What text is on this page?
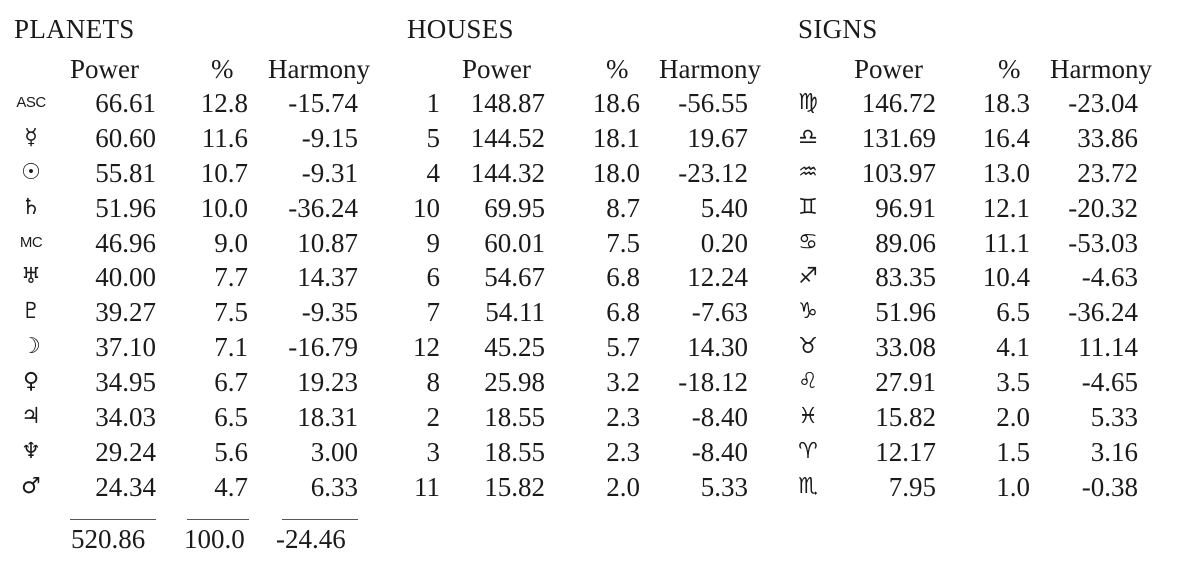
PLANETS	HOUSES	SIGNS
Power	% Harmony	Power	% Harmony	Power	% Harmony
ASC 66.61 12.8 -15.74	1 148.87 18.6 -56.55 ♍ 146.72 18.3 -23.04
☿	60.60 11.6 -9.15	5 144.52 18.1 19.67 ♎ 131.69 16.4 33.86
☉ 55.81 10.7 -9.31	4 144.32 18.0 -23.12 ♒ 103.97 13.0 23.72
♄ 51.96 10.0 -36.24 10 69.95 8.7 5.40 ♊ 96.91 12.1 -20.32
MC 46.96 9.0 10.87	9 60.01 7.5 0.20 ♋ 89.06 11.1 -53.03
♅ 40.00 7.7 14.37	6 54.67 6.8 12.24 ♐ 83.35 10.4 -4.63
♇ 39.27 7.5 -9.35	7 54.11 6.8 -7.63 ♑ 51.96 6.5 -36.24
☽ 37.10 7.1 -16.79 12 45.25 5.7 14.30 ♉ 33.08 4.1 11.14
♀ 34.95 6.7 19.23	8 25.98 3.2 -18.12 ♌ 27.91 3.5 -4.65
♃ 34.03 6.5 18.31	2 18.55 2.3 -8.40 ♓ 15.82 2.0 5.33
♆ 29.24 5.6 3.00	3 18.55 2.3 -8.40 ♈ 12.17 1.5 3.16
♂ 24.34 4.7 6.33 11 15.82 2.0 5.33 ♏	7.95 1.0 -0.38
520.86 100.0 -24.46
